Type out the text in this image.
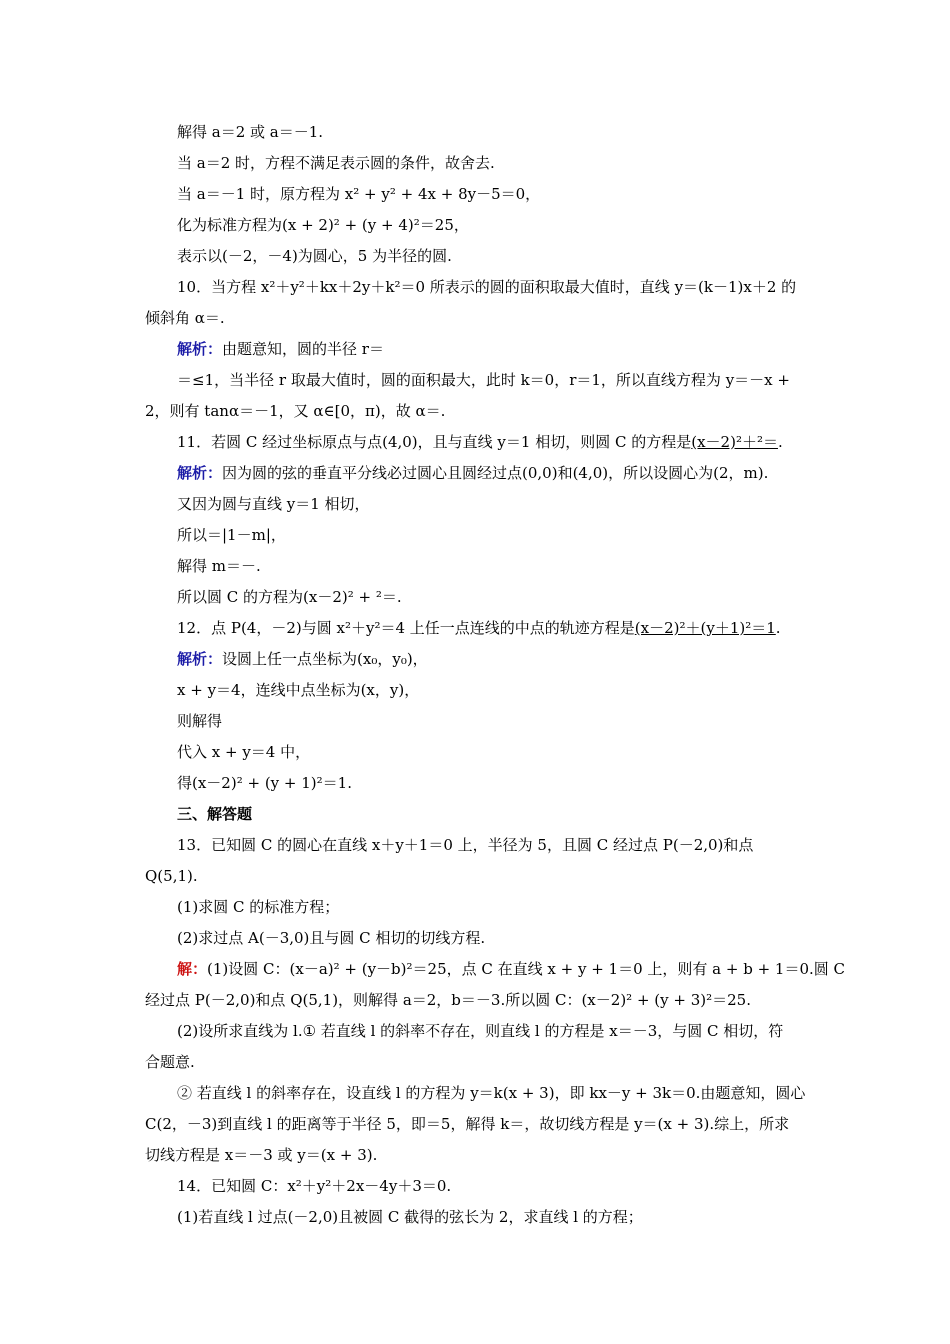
解得 a＝2 或 a＝－1.
当 a＝2 时，方程不满足表示圆的条件，故舍去.
当 a＝－1 时，原方程为 x² + y² + 4x + 8y－5＝0，
化为标准方程为(x + 2)² + (y + 4)²＝25，
表示以(－2，－4)为圆心，5 为半径的圆.
10．当方程 x²＋y²＋kx＋2y＋k²＝0 所表示的圆的面积取最大值时，直线 y＝(k－1)x＋2 的
倾斜角 α＝.
解析：由题意知，圆的半径 r＝
＝≤1，当半径 r 取最大值时，圆的面积最大，此时 k＝0，r＝1，所以直线方程为 y＝－x +
2，则有 tanα＝－1，又 α∈[0，π)，故 α＝.
11．若圆 C 经过坐标原点与点(4,0)，且与直线 y＝1 相切，则圆 C 的方程是(x－2)²＋²＝.
解析：因为圆的弦的垂直平分线必过圆心且圆经过点(0,0)和(4,0)，所以设圆心为(2，m).
又因为圆与直线 y＝1 相切，
所以＝|1－m|，
解得 m＝－.
所以圆 C 的方程为(x－2)² + ²＝.
12．点 P(4，－2)与圆 x²＋y²＝4 上任一点连线的中点的轨迹方程是(x－2)²＋(y＋1)²＝1.
解析：设圆上任一点坐标为(x₀，y₀)，
x + y＝4，连线中点坐标为(x，y)，
则解得
代入 x + y＝4 中，
得(x－2)² + (y + 1)²＝1.
三、解答题
13．已知圆 C 的圆心在直线 x＋y＋1＝0 上，半径为 5，且圆 C 经过点 P(－2,0)和点
Q(5,1).
(1)求圆 C 的标准方程；
(2)求过点 A(－3,0)且与圆 C 相切的切线方程.
解：(1)设圆 C：(x－a)² + (y－b)²＝25，点 C 在直线 x + y + 1＝0 上，则有 a + b + 1＝0.圆 C
经过点 P(－2,0)和点 Q(5,1)，则解得 a＝2，b＝－3.所以圆 C：(x－2)² + (y + 3)²＝25.
(2)设所求直线为 l.① 若直线 l 的斜率不存在，则直线 l 的方程是 x＝－3，与圆 C 相切，符
合题意.
② 若直线 l 的斜率存在，设直线 l 的方程为 y＝k(x + 3)，即 kx－y + 3k＝0.由题意知，圆心
C(2，－3)到直线 l 的距离等于半径 5，即＝5，解得 k＝，故切线方程是 y＝(x + 3).综上，所求
切线方程是 x＝－3 或 y＝(x + 3).
14．已知圆 C：x²＋y²＋2x－4y＋3＝0.
(1)若直线 l 过点(－2,0)且被圆 C 截得的弦长为 2，求直线 l 的方程；
